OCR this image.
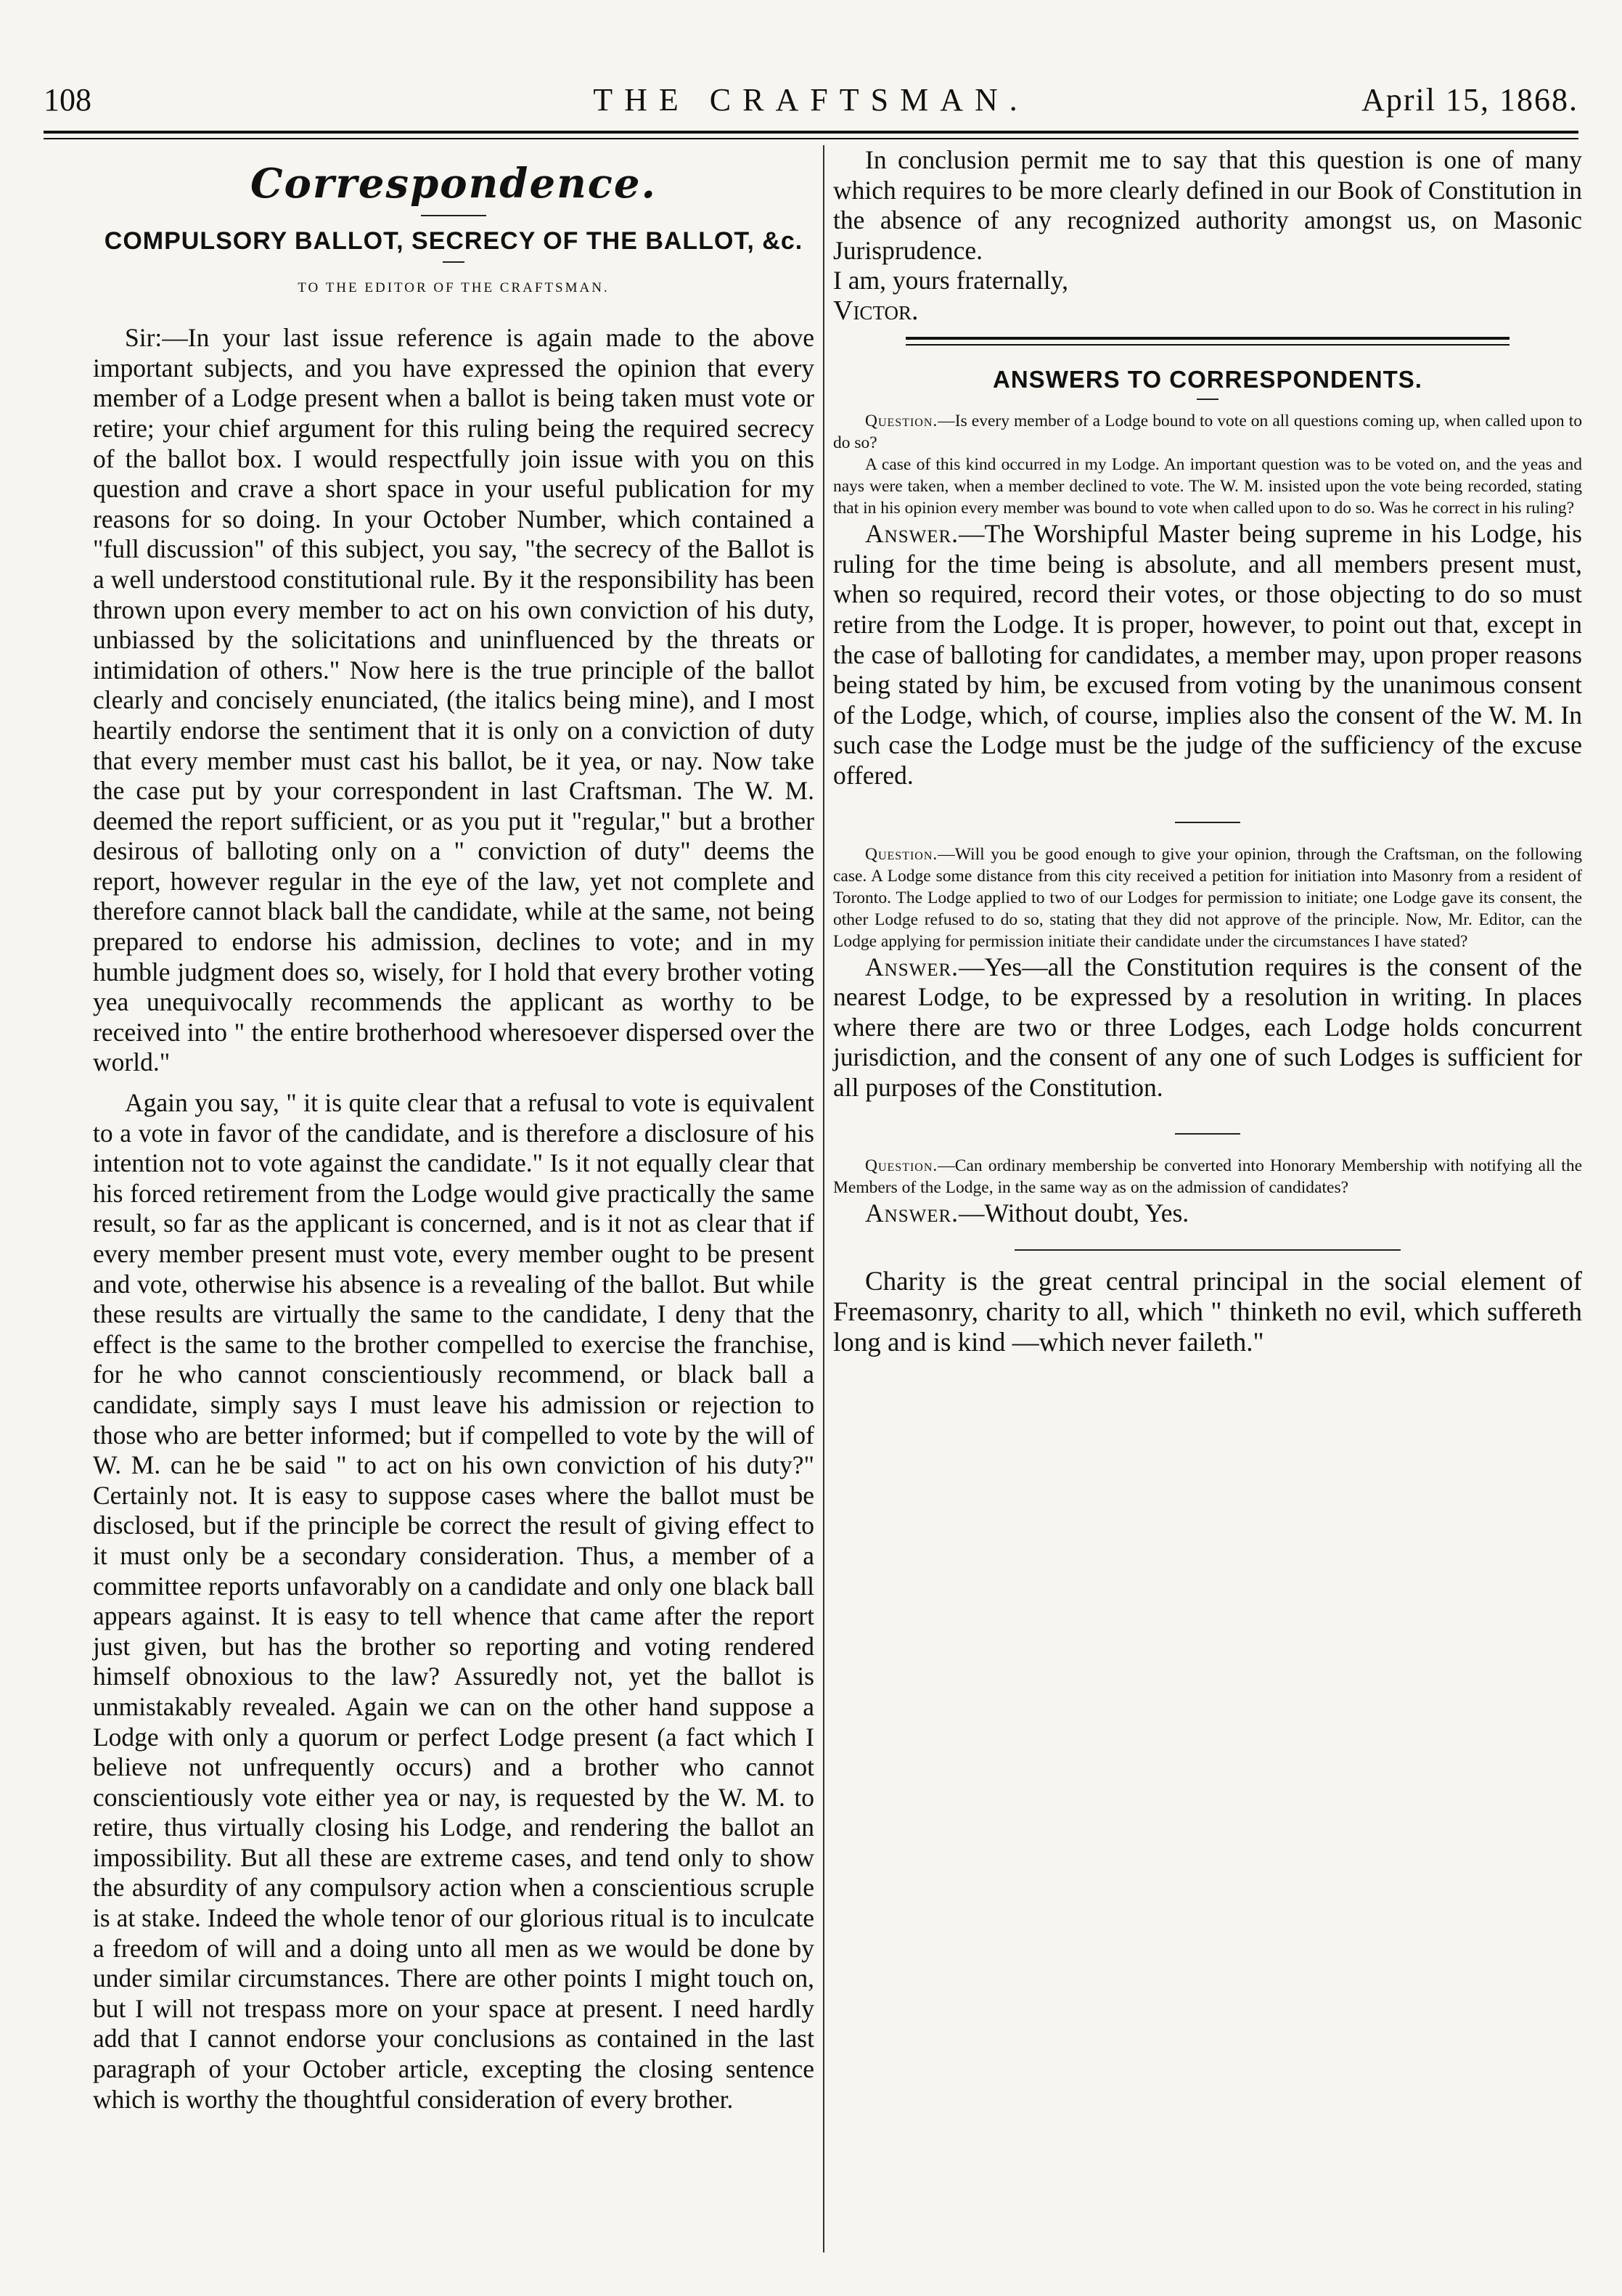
108	THE CRAFTSMAN.	April 15, 1868.
Correspondence.
COMPULSORY BALLOT, SECRECY OF THE BALLOT, &c.
TO THE EDITOR OF THE CRAFTSMAN.

Sir:—In your last issue reference is again made to the above important subjects, and you have expressed the opinion that every member of a Lodge present when a ballot is being taken must vote or retire; your chief argument for this ruling being the required secrecy of the ballot box. I would respectfully join issue with you on this question and crave a short space in your useful publication for my reasons for so doing. In your October Number, which contained a "full discussion" of this subject, you say, "the secrecy of the Ballot is a well understood constitutional rule. By it the responsibility has been thrown upon every member to act on his own conviction of his duty, unbiassed by the solicitations and uninfluenced by the threats or intimidation of others." Now here is the true principle of the ballot clearly and concisely enunciated, (the italics being mine), and I most heartily endorse the sentiment that it is only on a conviction of duty that every member must cast his ballot, be it yea, or nay. Now take the case put by your correspondent in last Craftsman. The W. M. deemed the report sufficient, or as you put it "regular," but a brother desirous of balloting only on a " conviction of duty" deems the report, however regular in the eye of the law, yet not complete and therefore cannot black ball the candidate, while at the same, not being prepared to endorse his admission, declines to vote; and in my humble judgment does so, wisely, for I hold that every brother voting yea unequivocally recommends the applicant as worthy to be received into " the entire brotherhood wheresoever dispersed over the world."

Again you say, " it is quite clear that a refusal to vote is equivalent to a vote in favor of the candidate, and is therefore a disclosure of his intention not to vote against the candidate." Is it not equally clear that his forced retirement from the Lodge would give practically the same result, so far as the applicant is concerned, and is it not as clear that if every member present must vote, every member ought to be present and vote, otherwise his absence is a revealing of the ballot. But while these results are virtually the same to the candidate, I deny that the effect is the same to the brother compelled to exercise the franchise, for he who cannot conscientiously recommend, or black ball a candidate, simply says I must leave his admission or rejection to those who are better informed; but if compelled to vote by the will of W. M. can he be said " to act on his own conviction of his duty?" Certainly not. It is easy to suppose cases where the ballot must be disclosed, but if the principle be correct the result of giving effect to it must only be a secondary consideration. Thus, a member of a committee reports unfavorably on a candidate and only one black ball appears against. It is easy to tell whence that came after the report just given, but has the brother so reporting and voting rendered himself obnoxious to the law? Assuredly not, yet the ballot is unmistakably revealed. Again we can on the other hand suppose a Lodge with only a quorum or perfect Lodge present (a fact which I believe not unfrequently occurs) and a brother who cannot conscientiously vote either yea or nay, is requested by the W. M. to retire, thus virtually closing his Lodge, and rendering the ballot an impossibility. But all these are extreme cases, and tend only to show the absurdity of any compulsory action when a conscientious scruple is at stake. Indeed the whole tenor of our glorious ritual is to inculcate a freedom of will and a doing unto all men as we would be done by under similar circumstances. There are other points I might touch on, but I will not trespass more on your space at present. I need hardly add that I cannot endorse your conclusions as contained in the last paragraph of your October article, excepting the closing sentence which is worthy the thoughtful consideration of every brother.

In conclusion permit me to say that this question is one of many which requires to be more clearly defined in our Book of Constitution in the absence of any recognized authority amongst us, on Masonic Jurisprudence.

I am, yours fraternally,

Victor.

ANSWERS TO CORRESPONDENTS.

Question.—Is every member of a Lodge bound to vote on all questions coming up, when called upon to do so?

A case of this kind occurred in my Lodge. An important question was to be voted on, and the yeas and nays were taken, when a member declined to vote. The W. M. insisted upon the vote being recorded, stating that in his opinion every member was bound to vote when called upon to do so. Was he correct in his ruling?

Answer.—The Worshipful Master being supreme in his Lodge, his ruling for the time being is absolute, and all members present must, when so required, record their votes, or those objecting to do so must retire from the Lodge. It is proper, however, to point out that, except in the case of balloting for candidates, a member may, upon proper reasons being stated by him, be excused from voting by the unanimous consent of the Lodge, which, of course, implies also the consent of the W. M. In such case the Lodge must be the judge of the sufficiency of the excuse offered.

Question.—Will you be good enough to give your opinion, through the Craftsman, on the following case. A Lodge some distance from this city received a petition for initiation into Masonry from a resident of Toronto. The Lodge applied to two of our Lodges for permission to initiate; one Lodge gave its consent, the other Lodge refused to do so, stating that they did not approve of the principle. Now, Mr. Editor, can the Lodge applying for permission initiate their candidate under the circumstances I have stated?

Answer.—Yes—all the Constitution requires is the consent of the nearest Lodge, to be expressed by a resolution in writing. In places where there are two or three Lodges, each Lodge holds concurrent jurisdiction, and the consent of any one of such Lodges is sufficient for all purposes of the Constitution.

Question.—Can ordinary membership be converted into Honorary Membership with notifying all the Members of the Lodge, in the same way as on the admission of candidates?

Answer.—Without doubt, Yes.

Charity is the great central principal in the social element of Freemasonry, charity to all, which " thinketh no evil, which suffereth long and is kind —which never faileth."
